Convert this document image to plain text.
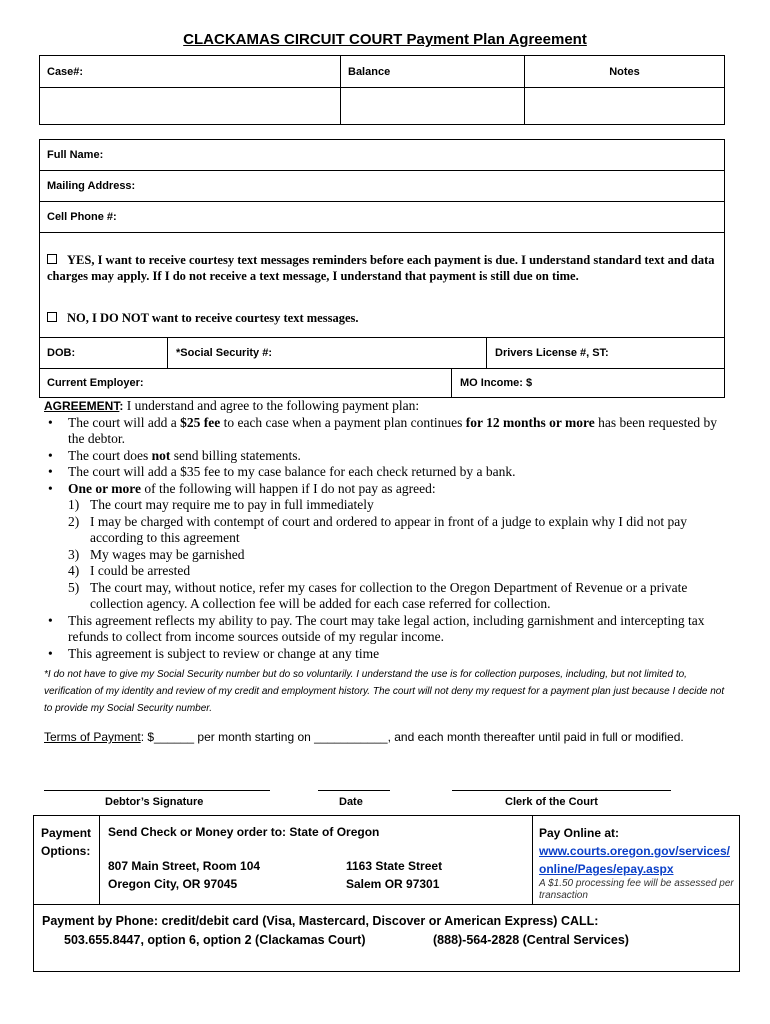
CLACKAMAS CIRCUIT COURT Payment Plan Agreement
Case#:	Balance	Notes

Full Name:
Mailing Address:
Cell Phone #:
DOB:	*Social Security #:	Drivers License #, ST:
Current Employer:	MO Income: $
YES, I want to receive courtesy text messages reminders before each payment is due. I understand standard text and data charges may apply. If I do not receive a text message, I understand that payment is still due on time.
NO, I DO NOT want to receive courtesy text messages.
AGREEMENT: I understand and agree to the following payment plan:
• The court will add a $25 fee to each case when a payment plan continues for 12 months or more has been requested by the debtor.
• The court does not send billing statements.
• The court will add a $35 fee to my case balance for each check returned by a bank.
• One or more of the following will happen if I do not pay as agreed:
1) The court may require me to pay in full immediately
2) I may be charged with contempt of court and ordered to appear in front of a judge to explain why I did not pay according to this agreement
3) My wages may be garnished
4) I could be arrested
5) The court may, without notice, refer my cases for collection to the Oregon Department of Revenue or a private collection agency. A collection fee will be added for each case referred for collection.
• This agreement reflects my ability to pay. The court may take legal action, including garnishment and intercepting tax refunds to collect from income sources outside of my regular income.
• This agreement is subject to review or change at any time
*I do not have to give my Social Security number but do so voluntarily. I understand the use is for collection purposes, including, but not limited to, verification of my identity and review of my credit and employment history. The court will not deny my request for a payment plan just because I decide not to provide my Social Security number.
Terms of Payment: $______ per month starting on ___________, and each month thereafter until paid in full or modified.
Debtor’s Signature	Date	Clerk of the Court
Payment Options:
Send Check or Money order to: State of Oregon
807 Main Street, Room 104
Oregon City, OR 97045
1163 State Street
Salem OR 97301
Pay Online at:
www.courts.oregon.gov/services/online/Pages/epay.aspx
A $1.50 processing fee will be assessed per transaction
Payment by Phone: credit/debit card (Visa, Mastercard, Discover or American Express) CALL:
503.655.8447, option 6, option 2 (Clackamas Court)	(888)-564-2828 (Central Services)
